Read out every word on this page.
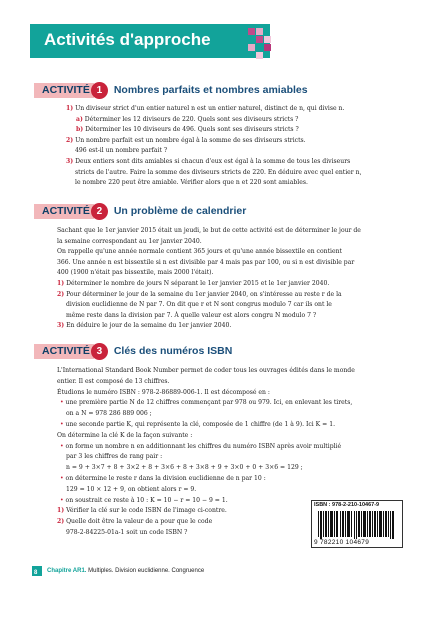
Activités d'approche
ACTIVITÉ 1	Nombres parfaits et nombres amiables
1) Un diviseur strict d'un entier naturel n est un entier naturel, distinct de n, qui divise n.
a) Déterminer les 12 diviseurs de 220. Quels sont ses diviseurs stricts ?
b) Déterminer les 10 diviseurs de 496. Quels sont ses diviseurs stricts ?
2) Un nombre parfait est un nombre égal à la somme de ses diviseurs stricts.
496 est-il un nombre parfait ?
3) Deux entiers sont dits amiables si chacun d'eux est égal à la somme de tous les diviseurs
stricts de l'autre. Faire la somme des diviseurs stricts de 220. En déduire avec quel entier n,
le nombre 220 peut être amiable. Vérifier alors que n et 220 sont amiables.
ACTIVITÉ 2	Un problème de calendrier
Sachant que le 1er janvier 2015 était un jeudi, le but de cette activité est de déterminer le jour de
la semaine correspondant au 1er janvier 2040.
On rappelle qu'une année normale contient 365 jours et qu'une année bissextile en contient
366. Une année n est bissextile si n est divisible par 4 mais pas par 100, ou si n est divisible par
400 (1900 n'était pas bissextile, mais 2000 l'était).
1) Déterminer le nombre de jours N séparant le 1er janvier 2015 et le 1er janvier 2040.
2) Pour déterminer le jour de la semaine du 1er janvier 2040, on s'intéresse au reste r de la
division euclidienne de N par 7. On dit que r et N sont congrus modulo 7 car ils ont le
même reste dans la division par 7. À quelle valeur est alors congru N modulo 7 ?
3) En déduire le jour de la semaine du 1er janvier 2040.
ACTIVITÉ 3	Clés des numéros ISBN
L'International Standard Book Number permet de coder tous les ouvrages édités dans le monde
entier. Il est composé de 13 chiffres.
Étudions le numéro ISBN : 978-2-86889-006-1. Il est décomposé en :
• une première partie N de 12 chiffres commençant par 978 ou 979. Ici, en enlevant les tirets,
on a N = 978 286 889 006 ;
• une seconde partie K, qui représente la clé, composée de 1 chiffre (de 1 à 9). Ici K = 1.
On détermine la clé K de la façon suivante :
• on forme un nombre n en additionnant les chiffres du numéro ISBN après avoir multiplié
par 3 les chiffres de rang pair :
n = 9 + 3×7 + 8 + 3×2 + 8 + 3×6 + 8 + 3×8 + 9 + 3×0 + 0 + 3×6 = 129 ;
• on détermine le reste r dans la division euclidienne de n par 10 :
129 = 10 × 12 + 9, on obtient alors r = 9.
• on soustrait ce reste à 10 : K = 10 − r = 10 − 9 = 1.
1) Vérifier la clé sur le code ISBN de l'image ci-contre.
2) Quelle doit être la valeur de a pour que le code
978-2-84225-01a-1 soit un code ISBN ?
ISBN : 978-2-210-10467-9
9 782210 104679
8 Chapitre AR1. Multiples. Division euclidienne. Congruence
